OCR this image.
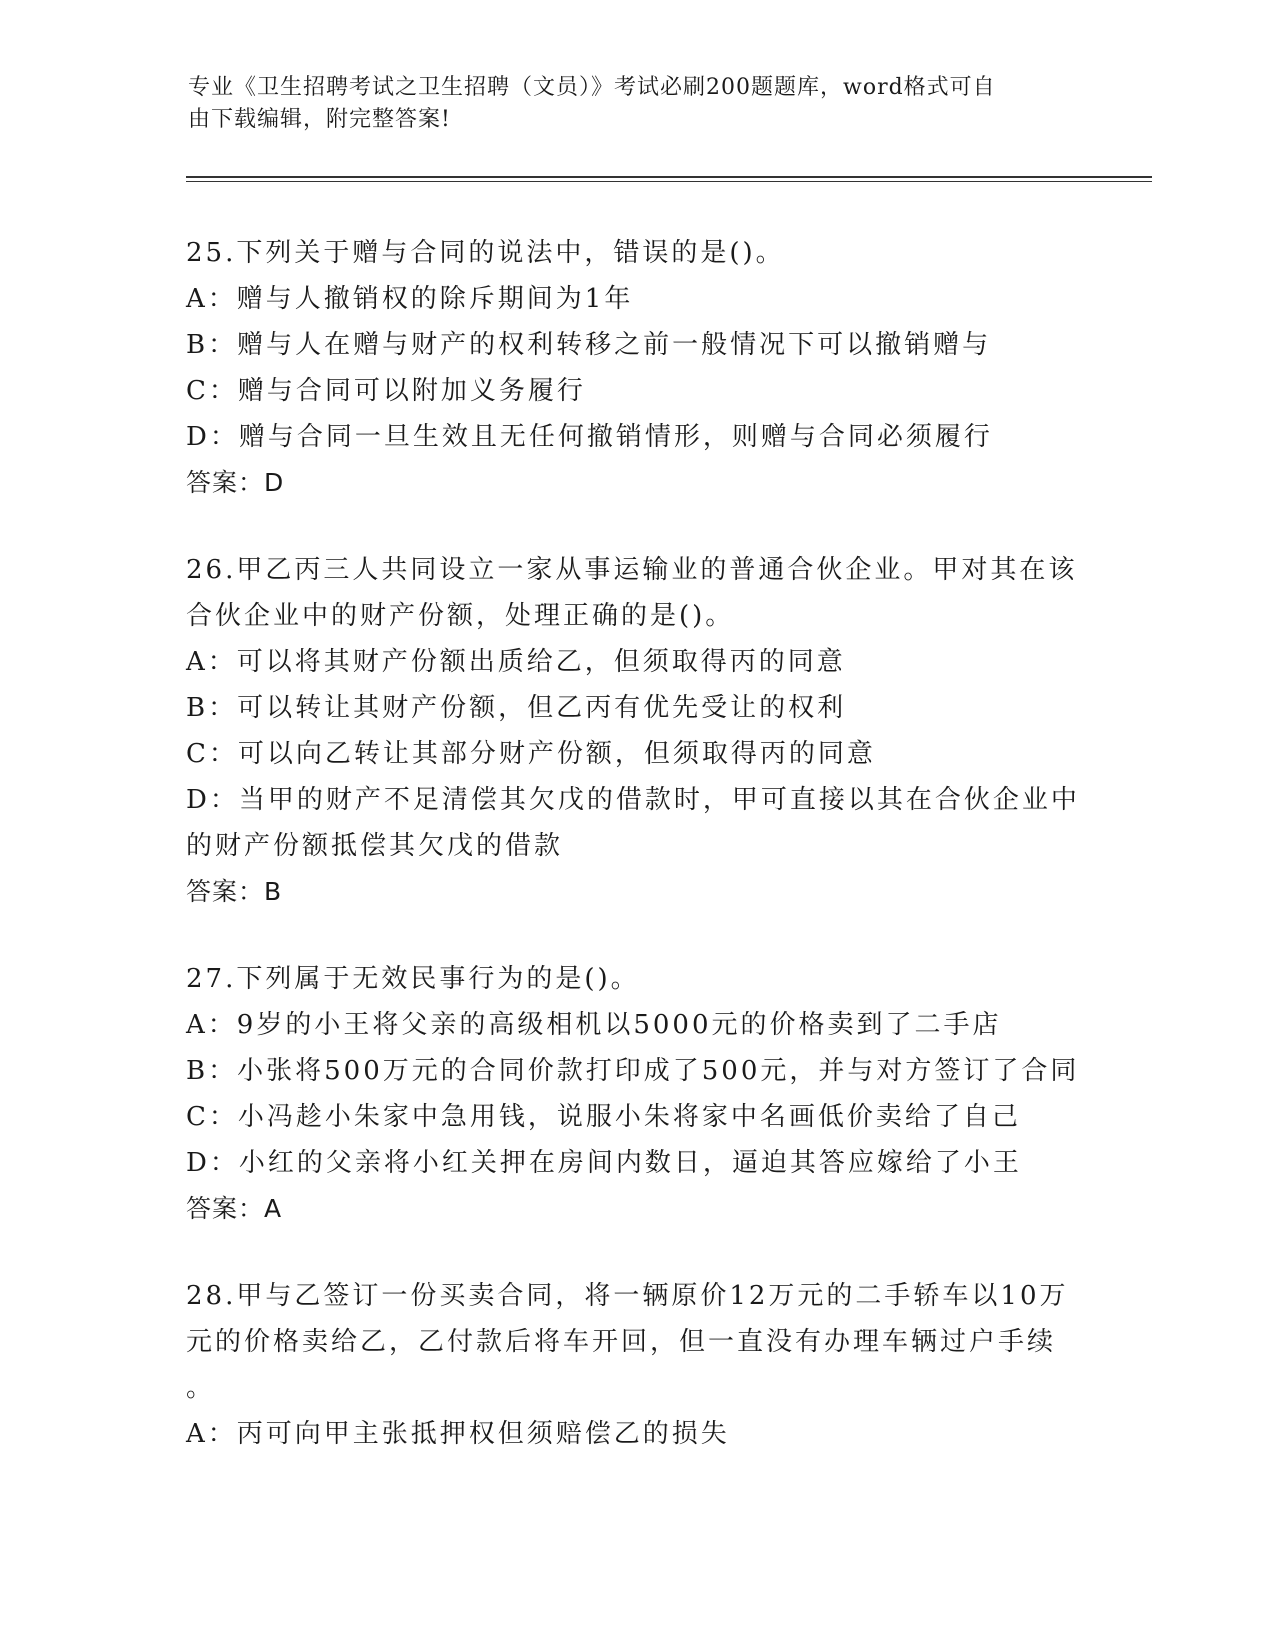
专业《卫生招聘考试之卫生招聘（文员）》考试必刷200题题库，word格式可自
由下载编辑，附完整答案!
25.下列关于赠与合同的说法中，错误的是()。
A：赠与人撤销权的除斥期间为1年
B：赠与人在赠与财产的权利转移之前一般情况下可以撤销赠与
C：赠与合同可以附加义务履行
D：赠与合同一旦生效且无任何撤销情形，则赠与合同必须履行
答案：D
26.甲乙丙三人共同设立一家从事运输业的普通合伙企业。甲对其在该
合伙企业中的财产份额，处理正确的是()。
A：可以将其财产份额出质给乙，但须取得丙的同意
B：可以转让其财产份额，但乙丙有优先受让的权利
C：可以向乙转让其部分财产份额，但须取得丙的同意
D：当甲的财产不足清偿其欠戊的借款时，甲可直接以其在合伙企业中
的财产份额抵偿其欠戊的借款
答案：B
27.下列属于无效民事行为的是()。
A：9岁的小王将父亲的高级相机以5000元的价格卖到了二手店
B：小张将500万元的合同价款打印成了500元，并与对方签订了合同
C：小冯趁小朱家中急用钱，说服小朱将家中名画低价卖给了自己
D：小红的父亲将小红关押在房间内数日，逼迫其答应嫁给了小王
答案：A
28.甲与乙签订一份买卖合同，将一辆原价12万元的二手轿车以10万
元的价格卖给乙，乙付款后将车开回，但一直没有办理车辆过户手续
。
A：丙可向甲主张抵押权但须赔偿乙的损失
